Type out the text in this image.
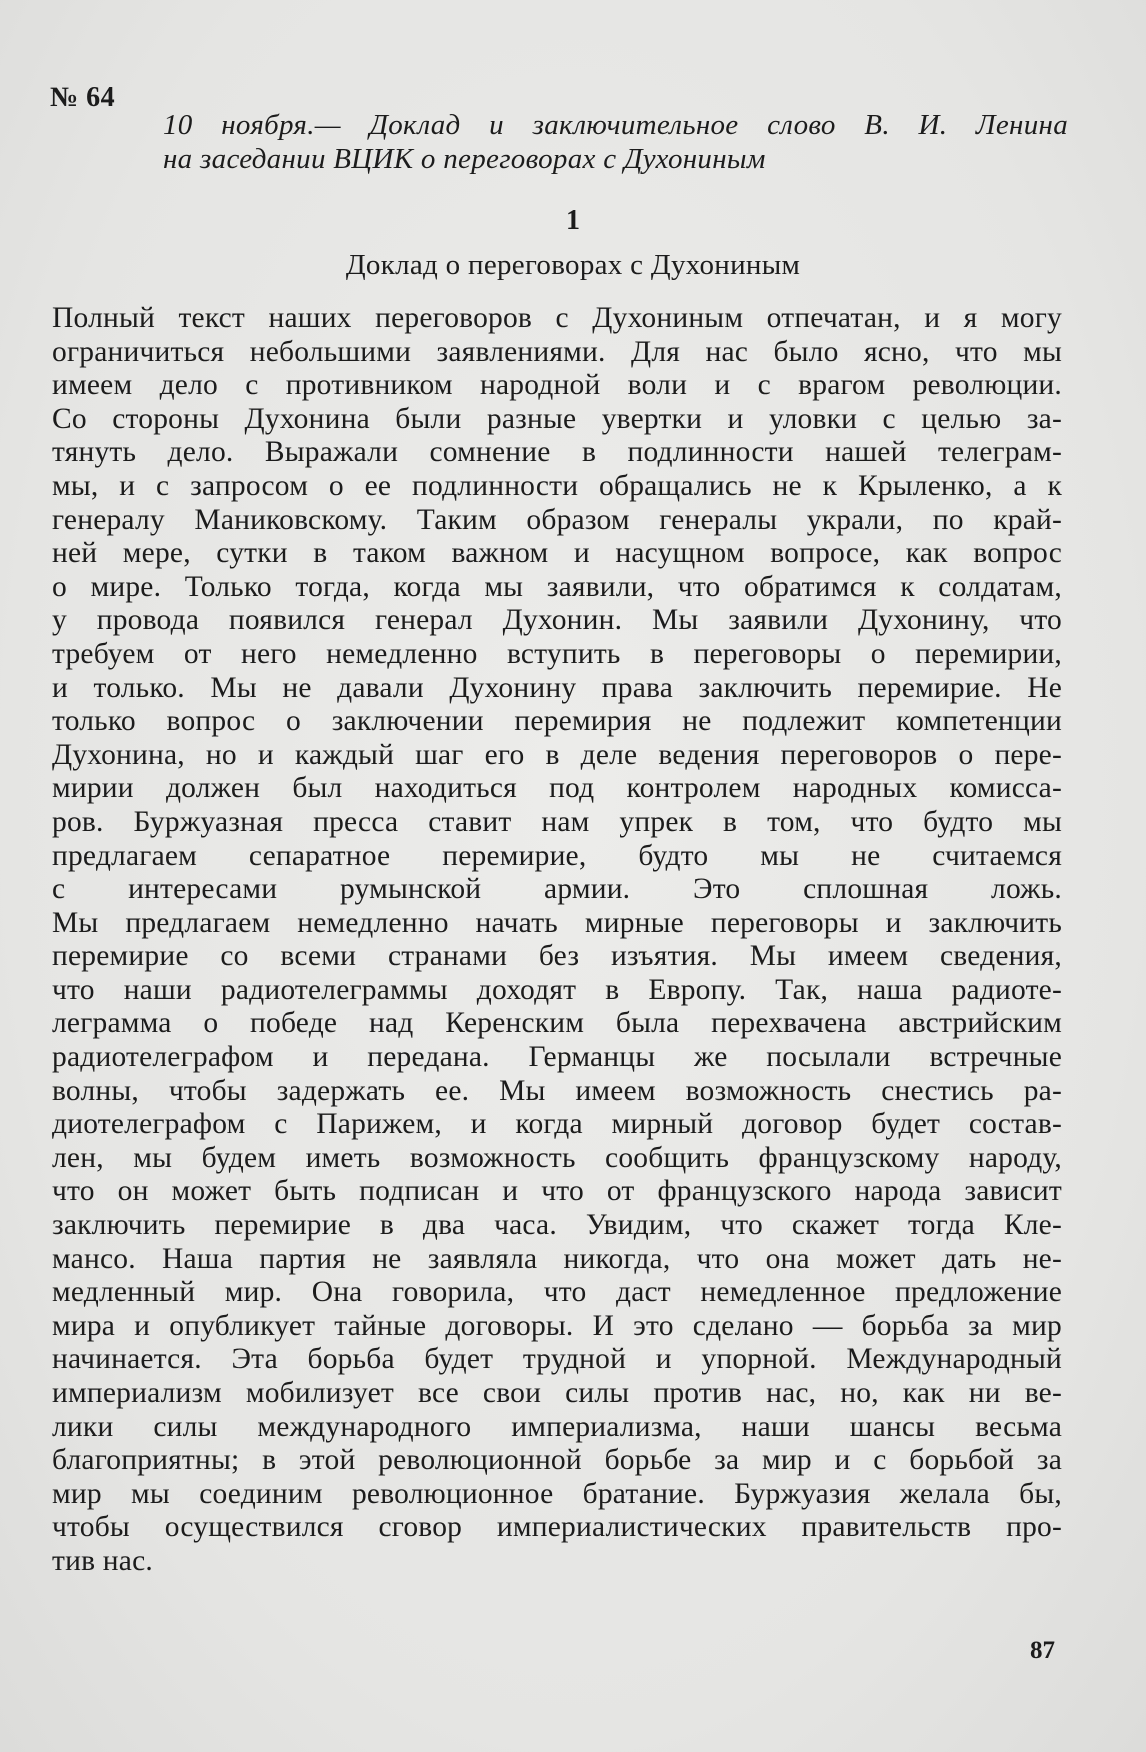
№ 64
10 ноября.— Доклад и заключительное слово В. И. Ленина
на заседании ВЦИК о переговорах с Духониным
1
Доклад о переговорах с Духониным
Полный текст наших переговоров с Духониным отпечатан, и я могу
ограничиться небольшими заявлениями. Для нас было ясно, что мы
имеем дело с противником народной воли и с врагом революции.
Со стороны Духонина были разные увертки и уловки с целью за-
тянуть дело. Выражали сомнение в подлинности нашей телеграм-
мы, и с запросом о ее подлинности обращались не к Крыленко, а к
генералу Маниковскому. Таким образом генералы украли, по край-
ней мере, сутки в таком важном и насущном вопросе, как вопрос
о мире. Только тогда, когда мы заявили, что обратимся к солдатам,
у провода появился генерал Духонин. Мы заявили Духонину, что
требуем от него немедленно вступить в переговоры о перемирии,
и только. Мы не давали Духонину права заключить перемирие. Не
только вопрос о заключении перемирия не подлежит компетенции
Духонина, но и каждый шаг его в деле ведения переговоров о пере-
мирии должен был находиться под контролем народных комисса-
ров. Буржуазная пресса ставит нам упрек в том, что будто мы
предлагаем сепаратное перемирие, будто мы не считаемся
с интересами румынской армии. Это сплошная ложь.
Мы предлагаем немедленно начать мирные переговоры и заключить
перемирие со всеми странами без изъятия. Мы имеем сведения,
что наши радиотелеграммы доходят в Европу. Так, наша радиоте-
леграмма о победе над Керенским была перехвачена австрийским
радиотелеграфом и передана. Германцы же посылали встречные
волны, чтобы задержать ее. Мы имеем возможность снестись ра-
диотелеграфом с Парижем, и когда мирный договор будет состав-
лен, мы будем иметь возможность сообщить французскому народу,
что он может быть подписан и что от французского народа зависит
заключить перемирие в два часа. Увидим, что скажет тогда Кле-
мансо. Наша партия не заявляла никогда, что она может дать не-
медленный мир. Она говорила, что даст немедленное предложение
мира и опубликует тайные договоры. И это сделано — борьба за мир
начинается. Эта борьба будет трудной и упорной. Международный
империализм мобилизует все свои силы против нас, но, как ни ве-
лики силы международного империализма, наши шансы весьма
благоприятны; в этой революционной борьбе за мир и с борьбой за
мир мы соединим революционное братание. Буржуазия желала бы,
чтобы осуществился сговор империалистических правительств про-
тив нас.
87
